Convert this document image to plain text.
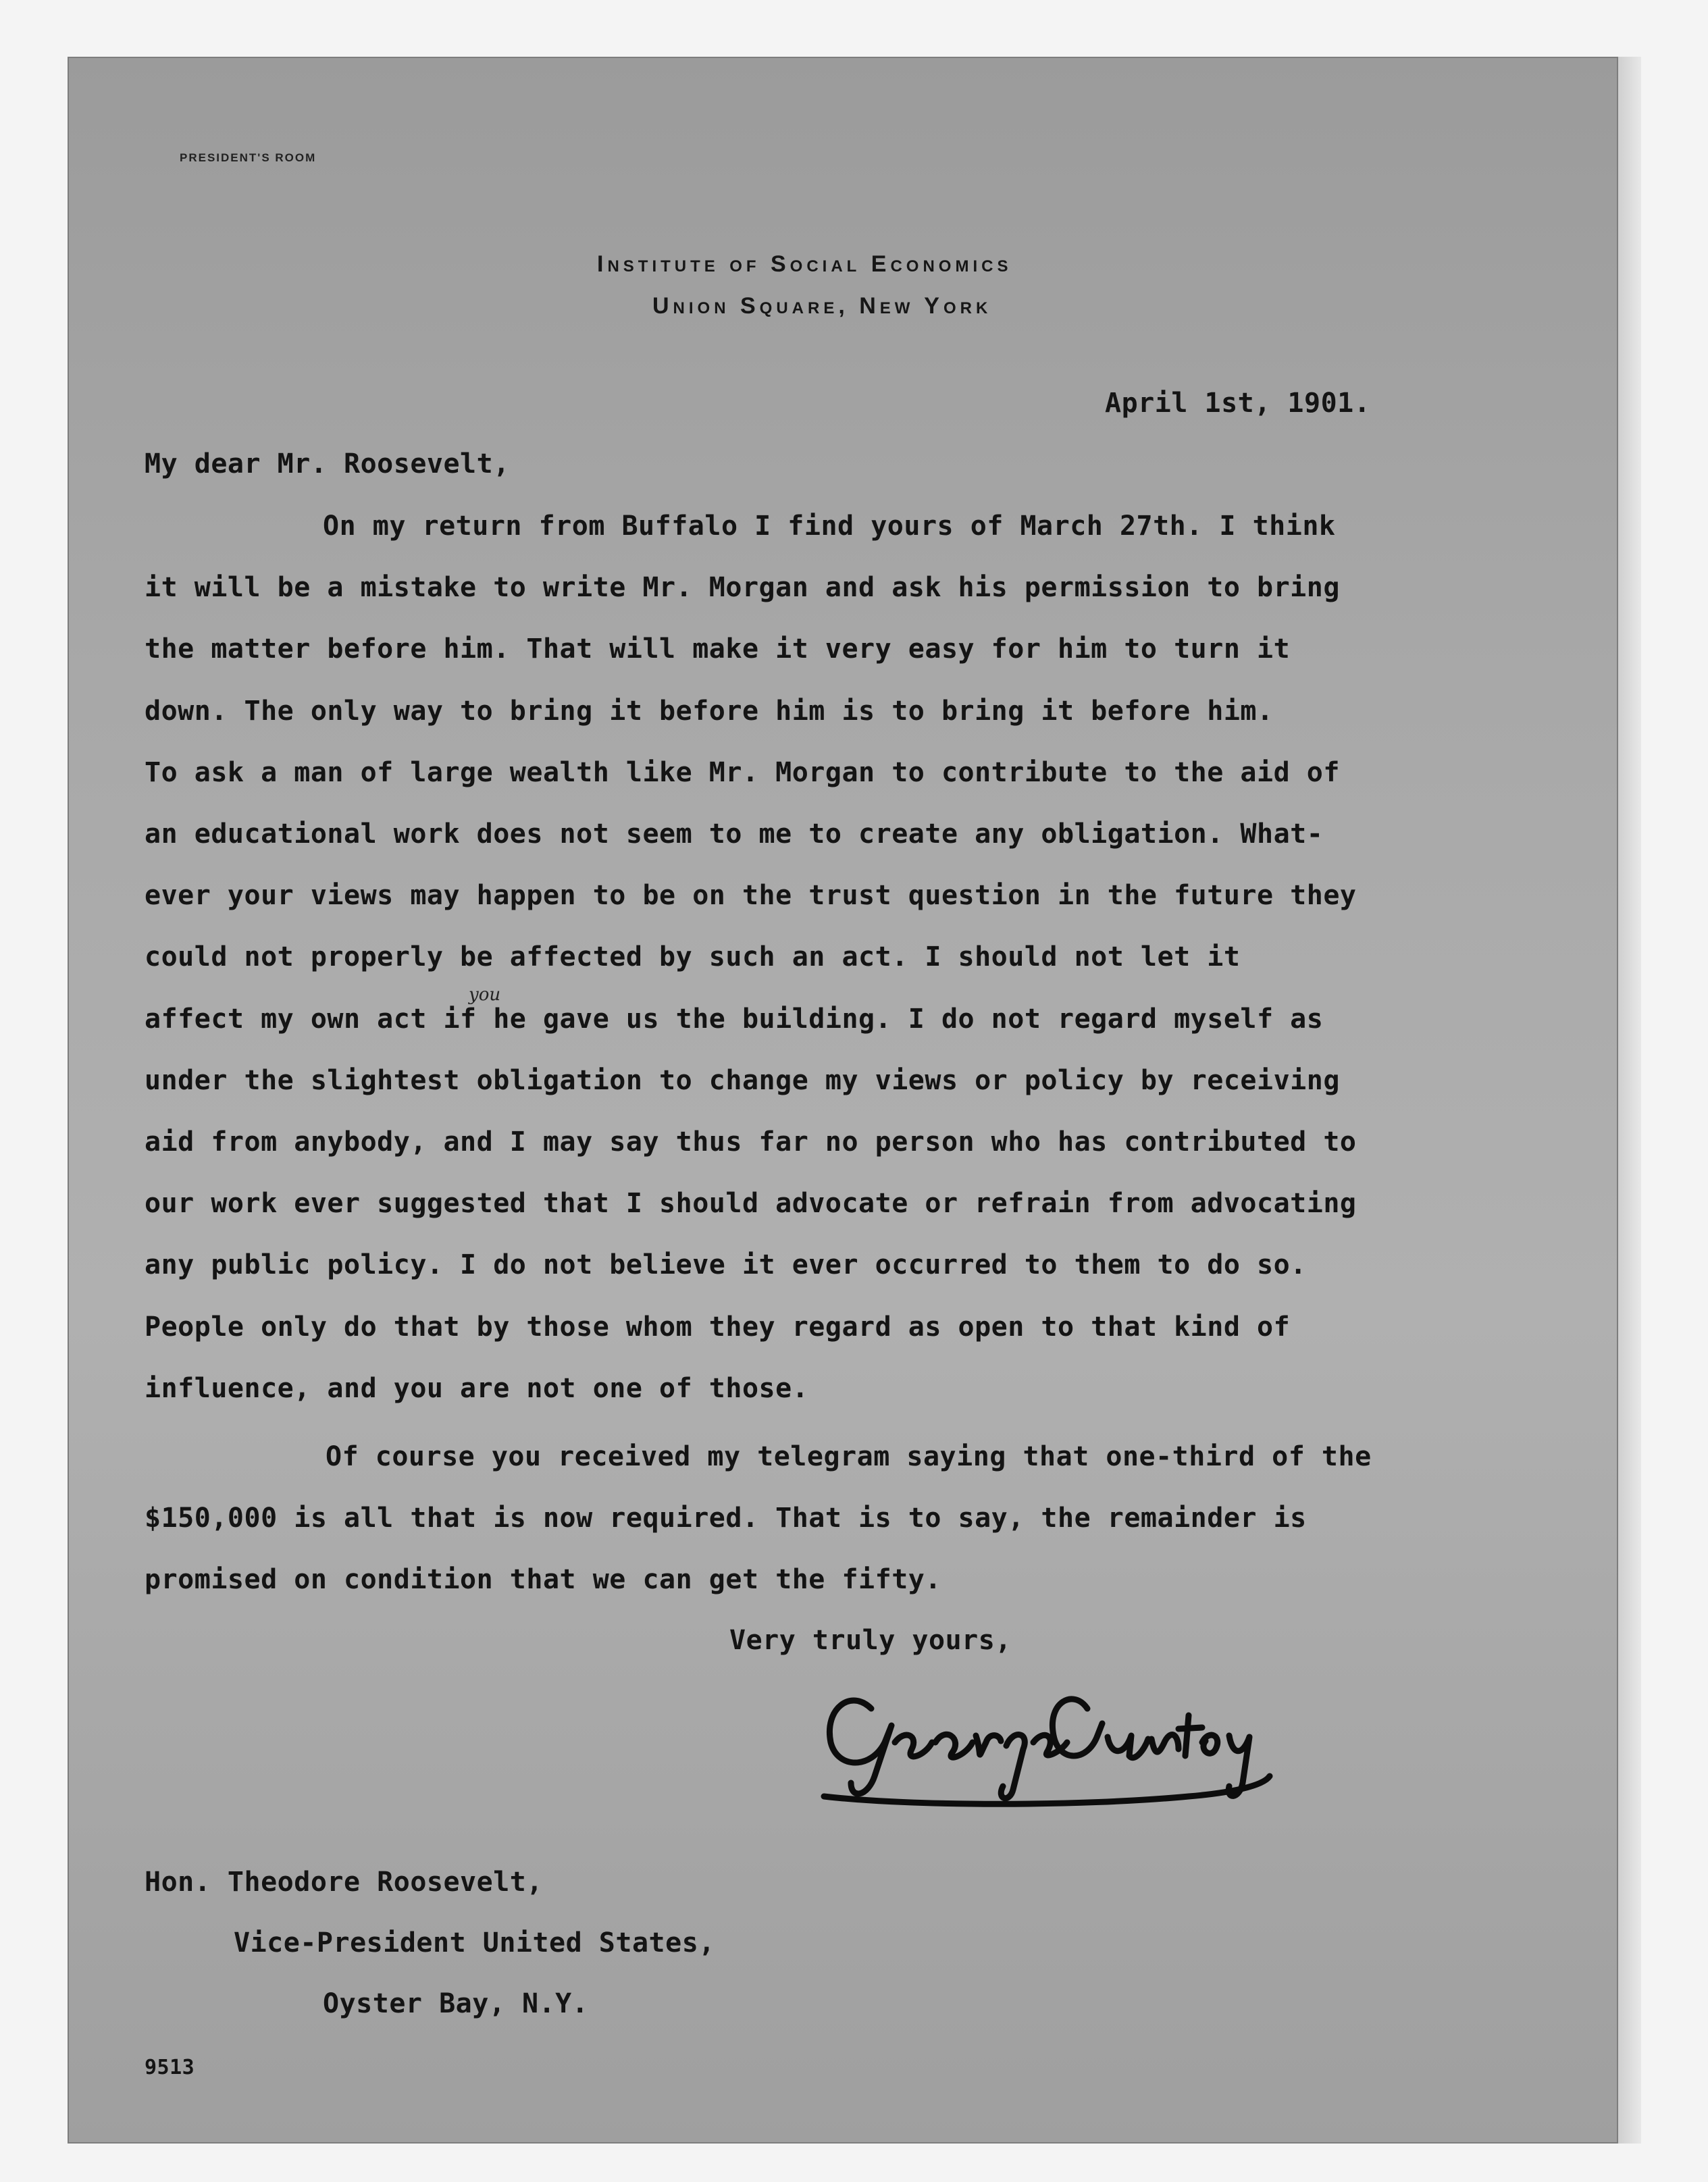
PRESIDENT'S ROOM
Institute of Social Economics
Union Square, New York
April 1st, 1901.
My dear Mr. Roosevelt,
On my return from Buffalo I find yours of March 27th. I think
it will be a mistake to write Mr. Morgan and ask his permission to bring
the matter before him. That will make it very easy for him to turn it
down. The only way to bring it before him is to bring it before him.
To ask a man of large wealth like Mr. Morgan to contribute to the aid of
an educational work does not seem to me to create any obligation. What-
ever your views may happen to be on the trust question in the future they
could not properly be affected by such an act. I should not let it
affect my own act if he gave us the building. I do not regard myself as
under the slightest obligation to change my views or policy by receiving
aid from anybody, and I may say thus far no person who has contributed to
our work ever suggested that I should advocate or refrain from advocating
any public policy. I do not believe it ever occurred to them to do so.
People only do that by those whom they regard as open to that kind of
influence, and you are not one of those.
you
Of course you received my telegram saying that one-third of the
$150,000 is all that is now required. That is to say, the remainder is
promised on condition that we can get the fifty.
Very truly yours,
Hon. Theodore Roosevelt,
Vice-President United States,
Oyster Bay, N.Y.
9513
